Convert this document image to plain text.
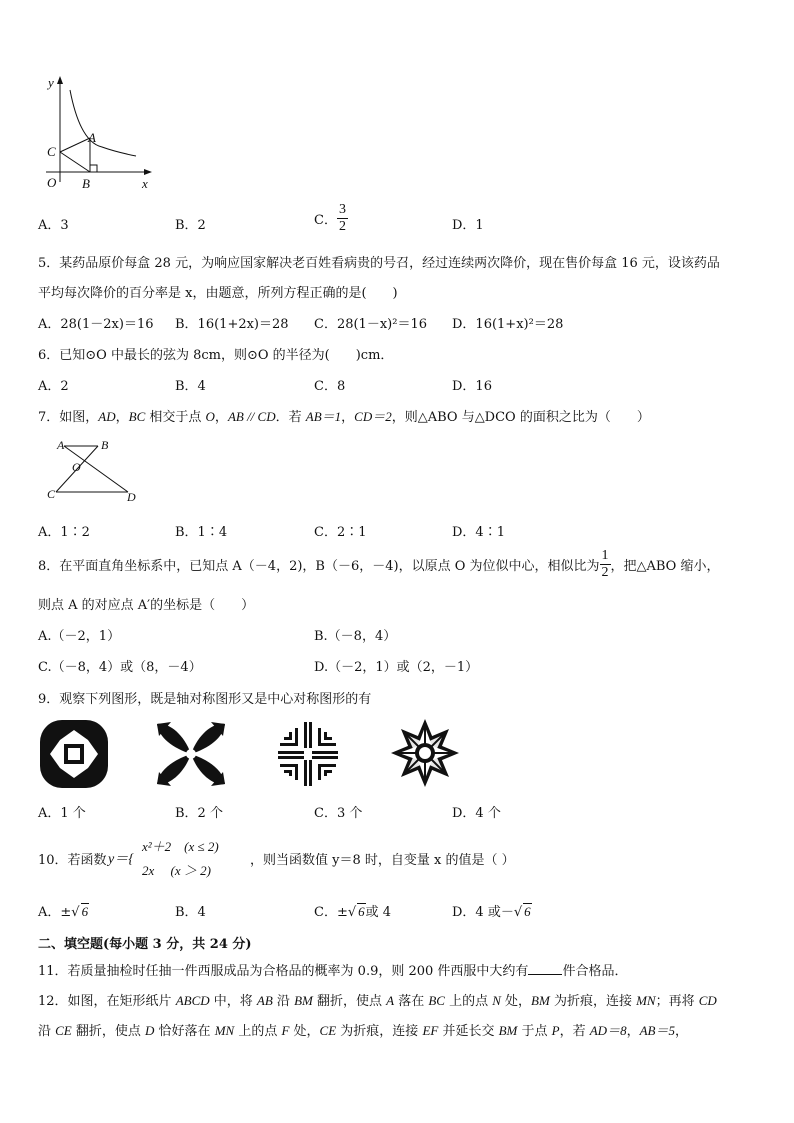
y
A
C
O B	x
A．3	B．2	C． $\frac{3}{2}$	D．1
5．某药品原价每盒 28 元，为响应国家解决老百姓看病贵的号召，经过连续两次降价，现在售价每盒 16 元，设该药品
平均每次降价的百分率是 x，由题意，所列方程正确的是(　　)
A．28(1－2x)＝16 B．16(1+2x)＝28 C．28(1－x)²＝16 D．16(1+x)²＝28
6．已知⊙O 中最长的弦为 8cm，则⊙O 的半径为(　　)cm．
A．2	B．4	C．8	D．16
7．如图，AD，BC 相交于点 O，AB // CD．若 AB＝1，CD＝2，则△ABO 与△DCO 的面积之比为（　　）
A	B
O
C	D
A．1∶2	B．1∶4	C．2∶1	D．4∶1
8．在平面直角坐标系中，已知点 A（－4，2)，B（－6，－4)，以原点 O 为位似中心，相似比为 $\frac{1}{2}$ ，把△ABO 缩小，
则点 A 的对应点 A′的坐标是（　　）
A.（－2，1）	B.（－8，4）
C.（－8，4）或（8，－4）	D.（－2，1）或（2，－1）
9．观察下列图形，既是轴对称图形又是中心对称图形的有
A．1 个	B．2 个	C．3 个	D．4 个
10．若函数 y＝{
x²＋2　(x ≤ 2)
2x　 (x ＞ 2)
，则当函数值 y＝8 时，自变量 x 的值是（ ）
A．±√ 6	B．4	C．±√ 6或 4	D．4 或－√ 6
二、填空题(每小题 3 分，共 24 分)
11．若质量抽检时任抽一件西服成品为合格品的概率为 0.9，则 200 件西服中大约有	件合格品．
12．如图，在矩形纸片 ABCD 中，将 AB 沿 BM 翻折，使点 A 落在 BC 上的点 N 处，BM 为折痕，连接 MN；再将 CD
沿 CE 翻折，使点 D 恰好落在 MN 上的点 F 处，CE 为折痕，连接 EF 并延长交 BM 于点 P，若 AD＝8，AB＝5，
